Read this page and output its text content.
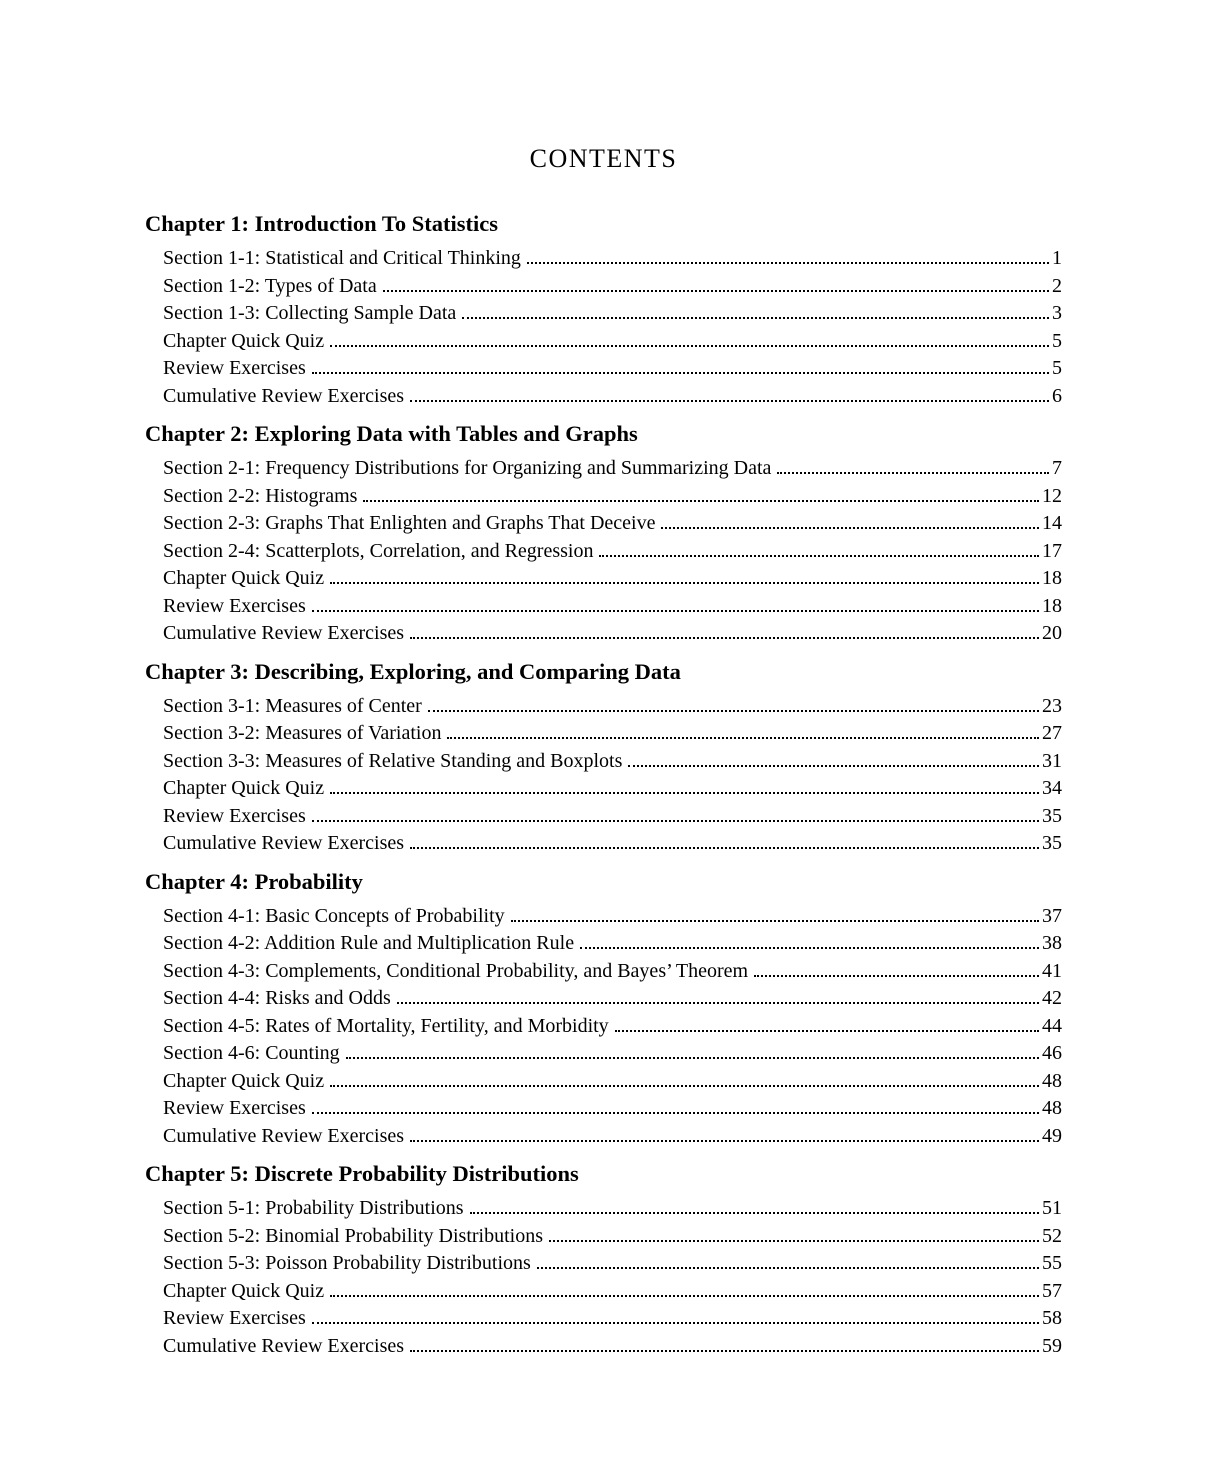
CONTENTS
Chapter 1: Introduction To Statistics
Section 1-1: Statistical and Critical Thinking	1
Section 1-2: Types of Data	2
Section 1-3: Collecting Sample Data	3
Chapter Quick Quiz	5
Review Exercises	5
Cumulative Review Exercises	6
Chapter 2: Exploring Data with Tables and Graphs
Section 2-1: Frequency Distributions for Organizing and Summarizing Data	7
Section 2-2: Histograms	12
Section 2-3: Graphs That Enlighten and Graphs That Deceive	14
Section 2-4: Scatterplots, Correlation, and Regression	17
Chapter Quick Quiz	18
Review Exercises	18
Cumulative Review Exercises	20
Chapter 3: Describing, Exploring, and Comparing Data
Section 3-1: Measures of Center	23
Section 3-2: Measures of Variation	27
Section 3-3: Measures of Relative Standing and Boxplots	31
Chapter Quick Quiz	34
Review Exercises	35
Cumulative Review Exercises	35
Chapter 4: Probability
Section 4-1: Basic Concepts of Probability	37
Section 4-2: Addition Rule and Multiplication Rule	38
Section 4-3: Complements, Conditional Probability, and Bayes’ Theorem	41
Section 4-4: Risks and Odds	42
Section 4-5: Rates of Mortality, Fertility, and Morbidity	44
Section 4-6: Counting	46
Chapter Quick Quiz	48
Review Exercises	48
Cumulative Review Exercises	49
Chapter 5: Discrete Probability Distributions
Section 5-1: Probability Distributions	51
Section 5-2: Binomial Probability Distributions	52
Section 5-3: Poisson Probability Distributions	55
Chapter Quick Quiz	57
Review Exercises	58
Cumulative Review Exercises	59
